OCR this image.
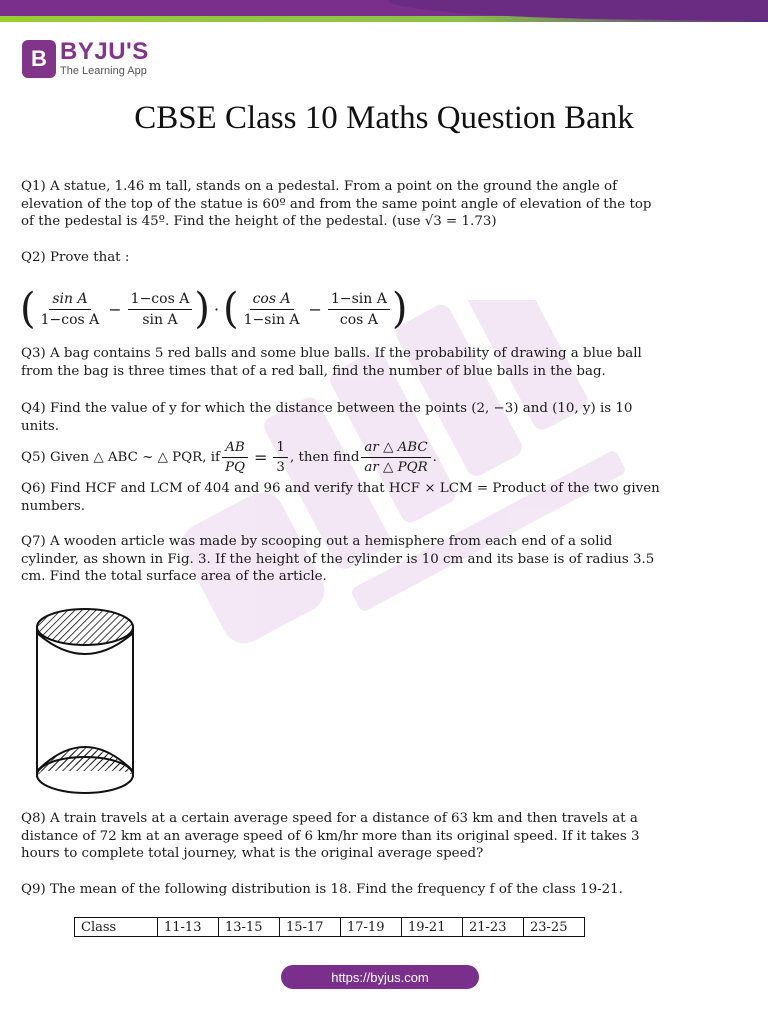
B BYJU'S
The Learning App
CBSE Class 10 Maths Question Bank
Q1) A statue, 1.46 m tall, stands on a pedestal. From a point on the ground the angle of elevation of the top of the statue is 60º and from the same point angle of elevation of the top of the pedestal is 45º. Find the height of the pedestal. (use √3 = 1.73)
Q2) Prove that :
( $\frac{\text{sin A}}{\text{1−cos A}} - \frac{\text{1−cos A}}{\text{sin A}}$ ) · ( $\frac{\text{cos A}}{\text{1−sin A}} - \frac{\text{1−sin A}}{\text{cos A}}$ )
Q3) A bag contains 5 red balls and some blue balls. If the probability of drawing a blue ball from the bag is three times that of a red ball, find the number of blue balls in the bag.
Q4) Find the value of y for which the distance between the points (2, −3) and (10, y) is 10 units.
Q5) Given △ ABC ~ △ PQR, if $\frac{AB}{PQ} = \frac{1}{3}$ , then find $\frac{\text{ar △ ABC}}{\text{ar △ PQR}}$ .
Q6) Find HCF and LCM of 404 and 96 and verify that HCF × LCM = Product of the two given numbers.
Q7) A wooden article was made by scooping out a hemisphere from each end of a solid cylinder, as shown in Fig. 3. If the height of the cylinder is 10 cm and its base is of radius 3.5 cm. Find the total surface area of the article.
Q8) A train travels at a certain average speed for a distance of 63 km and then travels at a distance of 72 km at an average speed of 6 km/hr more than its original speed. If it takes 3 hours to complete total journey, what is the original average speed?
Q9) The mean of the following distribution is 18. Find the frequency f of the class 19-21.
Class	11-13	13-15	15-17	17-19	19-21	21-23	23-25
https://byjus.com
